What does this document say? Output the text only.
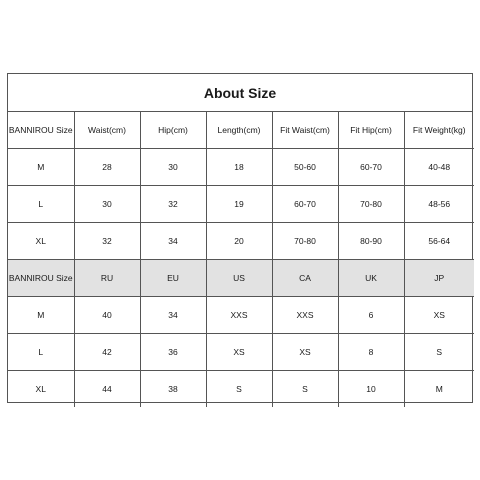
About Size
BANNIROU Size	Waist(cm)	Hip(cm)	Length(cm)	Fit Waist(cm)	Fit Hip(cm)	Fit Weight(kg)
M	28	30	18	50-60	60-70	40-48
L	30	32	19	60-70	70-80	48-56
XL	32	34	20	70-80	80-90	56-64
BANNIROU Size	RU	EU	US	CA	UK	JP
M	40	34	XXS	XXS	6	XS
L	42	36	XS	XS	8	S
XL	44	38	S	S	10	M
